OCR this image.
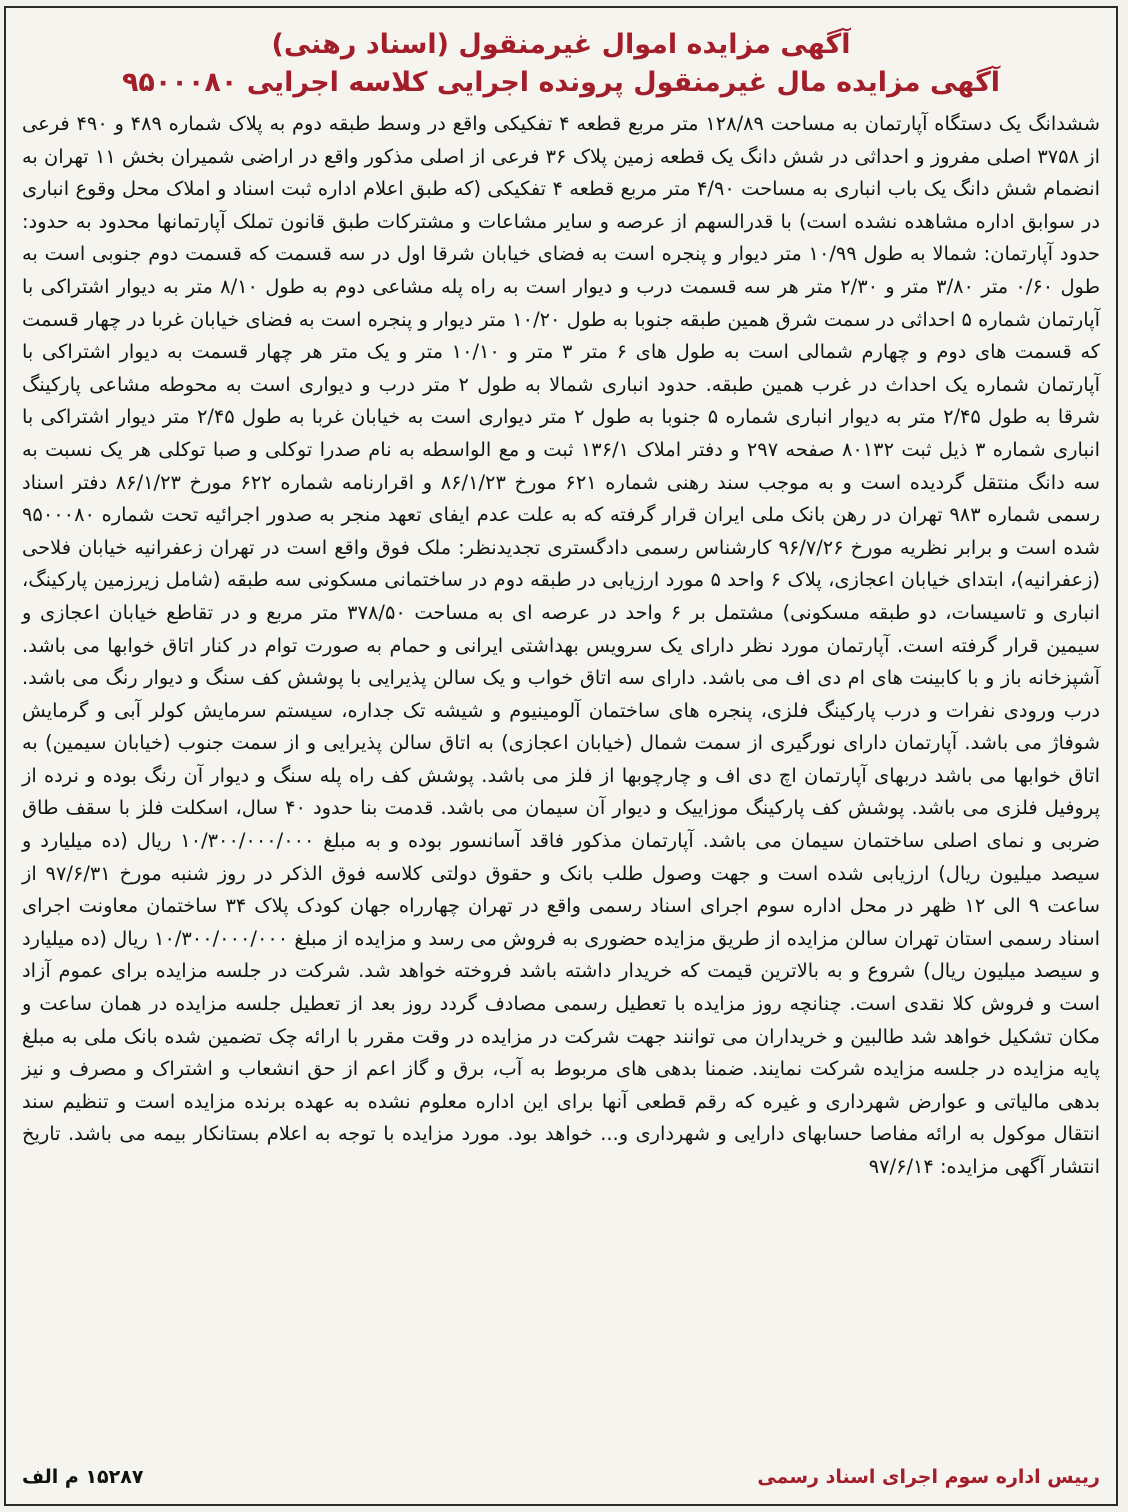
آگهی مزایده اموال غیرمنقول (اسناد رهنی)
آگهی مزایده مال غیرمنقول پرونده اجرایی کلاسه اجرایی ۹۵۰۰۰۸۰

ششدانگ یک دستگاه آپارتمان به مساحت ۱۲۸/۸۹ متر مربع قطعه ۴ تفکیکی واقع در وسط طبقه دوم به پلاک شماره ۴۸۹ و ۴۹۰ فرعی از ۳۷۵۸ اصلی مفروز و احداثی در شش دانگ یک قطعه زمین پلاک ۳۶ فرعی از اصلی مذکور واقع در اراضی شمیران بخش ۱۱ تهران به انضمام شش دانگ یک باب انباری به مساحت ۴/۹۰ متر مربع قطعه ۴ تفکیکی (که طبق اعلام اداره ثبت اسناد و املاک محل وقوع انباری در سوابق اداره مشاهده نشده است) با قدرالسهم از عرصه و سایر مشاعات و مشترکات طبق قانون تملک آپارتمانها محدود به حدود: حدود آپارتمان: شمالا به طول ۱۰/۹۹ متر دیوار و پنجره است به فضای خیابان شرقا اول در سه قسمت که قسمت دوم جنوبی است به طول ۰/۶۰ متر ۳/۸۰ متر و ۲/۳۰ متر هر سه قسمت درب و دیوار است به راه پله مشاعی دوم به طول ۸/۱۰ متر به دیوار اشتراکی با آپارتمان شماره ۵ احداثی در سمت شرق همین طبقه جنوبا به طول ۱۰/۲۰ متر دیوار و پنجره است به فضای خیابان غربا در چهار قسمت که قسمت های دوم و چهارم شمالی است به طول های ۶ متر ۳ متر و ۱۰/۱۰ متر و یک متر هر چهار قسمت به دیوار اشتراکی با آپارتمان شماره یک احداث در غرب همین طبقه. حدود انباری شمالا به طول ۲ متر درب و دیواری است به محوطه مشاعی پارکینگ شرقا به طول ۲/۴۵ متر به دیوار انباری شماره ۵ جنوبا به طول ۲ متر دیواری است به خیابان غربا به طول ۲/۴۵ متر دیوار اشتراکی با انباری شماره ۳ ذیل ثبت ۸۰۱۳۲ صفحه ۲۹۷ و دفتر املاک ۱۳۶/۱ ثبت و مع الواسطه به نام صدرا توکلی و صبا توکلی هر یک نسبت به سه دانگ منتقل گردیده است و به موجب سند رهنی شماره ۶۲۱ مورخ ۸۶/۱/۲۳ و اقرارنامه شماره ۶۲۲ مورخ ۸۶/۱/۲۳ دفتر اسناد رسمی شماره ۹۸۳ تهران در رهن بانک ملی ایران قرار گرفته که به علت عدم ایفای تعهد منجر به صدور اجرائیه تحت شماره ۹۵۰۰۰۸۰ شده است و برابر نظریه مورخ ۹۶/۷/۲۶ کارشناس رسمی دادگستری تجدیدنظر: ملک فوق واقع است در تهران زعفرانیه خیابان فلاحی (زعفرانیه)، ابتدای خیابان اعجازی، پلاک ۶ واحد ۵ مورد ارزیابی در طبقه دوم در ساختمانی مسکونی سه طبقه (شامل زیرزمین پارکینگ، انباری و تاسیسات، دو طبقه مسکونی) مشتمل بر ۶ واحد در عرصه ای به مساحت ۳۷۸/۵۰ متر مربع و در تقاطع خیابان اعجازی و سیمین قرار گرفته است. آپارتمان مورد نظر دارای یک سرویس بهداشتی ایرانی و حمام به صورت توام در کنار اتاق خوابها می باشد. آشپزخانه باز و با کابینت های ام دی اف می باشد. دارای سه اتاق خواب و یک سالن پذیرایی با پوشش کف سنگ و دیوار رنگ می باشد. درب ورودی نفرات و درب پارکینگ فلزی، پنجره های ساختمان آلومینیوم و شیشه تک جداره، سیستم سرمایش کولر آبی و گرمایش شوفاژ می باشد. آپارتمان دارای نورگیری از سمت شمال (خیابان اعجازی) به اتاق سالن پذیرایی و از سمت جنوب (خیابان سیمین) به اتاق خوابها می باشد دربهای آپارتمان اچ دی اف و چارچوبها از فلز می باشد. پوشش کف راه پله سنگ و دیوار آن رنگ بوده و نرده از پروفیل فلزی می باشد. پوشش کف پارکینگ موزاییک و دیوار آن سیمان می باشد. قدمت بنا حدود ۴۰ سال، اسکلت فلز با سقف طاق ضربی و نمای اصلی ساختمان سیمان می باشد. آپارتمان مذکور فاقد آسانسور بوده و به مبلغ ۱۰/۳۰۰/۰۰۰/۰۰۰ ریال (ده میلیارد و سیصد میلیون ریال) ارزیابی شده است و جهت وصول طلب بانک و حقوق دولتی کلاسه فوق الذکر در روز شنبه مورخ ۹۷/۶/۳۱ از ساعت ۹ الی ۱۲ ظهر در محل اداره سوم اجرای اسناد رسمی واقع در تهران چهارراه جهان کودک پلاک ۳۴ ساختمان معاونت اجرای اسناد رسمی استان تهران سالن مزایده از طریق مزایده حضوری به فروش می رسد و مزایده از مبلغ ۱۰/۳۰۰/۰۰۰/۰۰۰ ریال (ده میلیارد و سیصد میلیون ریال) شروع و به بالاترین قیمت که خریدار داشته باشد فروخته خواهد شد. شرکت در جلسه مزایده برای عموم آزاد است و فروش کلا نقدی است. چنانچه روز مزایده با تعطیل رسمی مصادف گردد روز بعد از تعطیل جلسه مزایده در همان ساعت و مکان تشکیل خواهد شد طالبین و خریداران می توانند جهت شرکت در مزایده در وقت مقرر با ارائه چک تضمین شده بانک ملی به مبلغ پایه مزایده در جلسه مزایده شرکت نمایند. ضمنا بدهی های مربوط به آب، برق و گاز اعم از حق انشعاب و اشتراک و مصرف و نیز بدهی مالیاتی و عوارض شهرداری و غیره که رقم قطعی آنها برای این اداره معلوم نشده به عهده برنده مزایده است و تنظیم سند انتقال موکول به ارائه مفاصا حسابهای دارایی و شهرداری و... خواهد بود. مورد مزایده با توجه به اعلام بستانکار بیمه می باشد. تاریخ انتشار آگهی مزایده: ۹۷/۶/۱۴

رییس اداره سوم اجرای اسناد رسمی
۱۵۲۸۷ م الف
